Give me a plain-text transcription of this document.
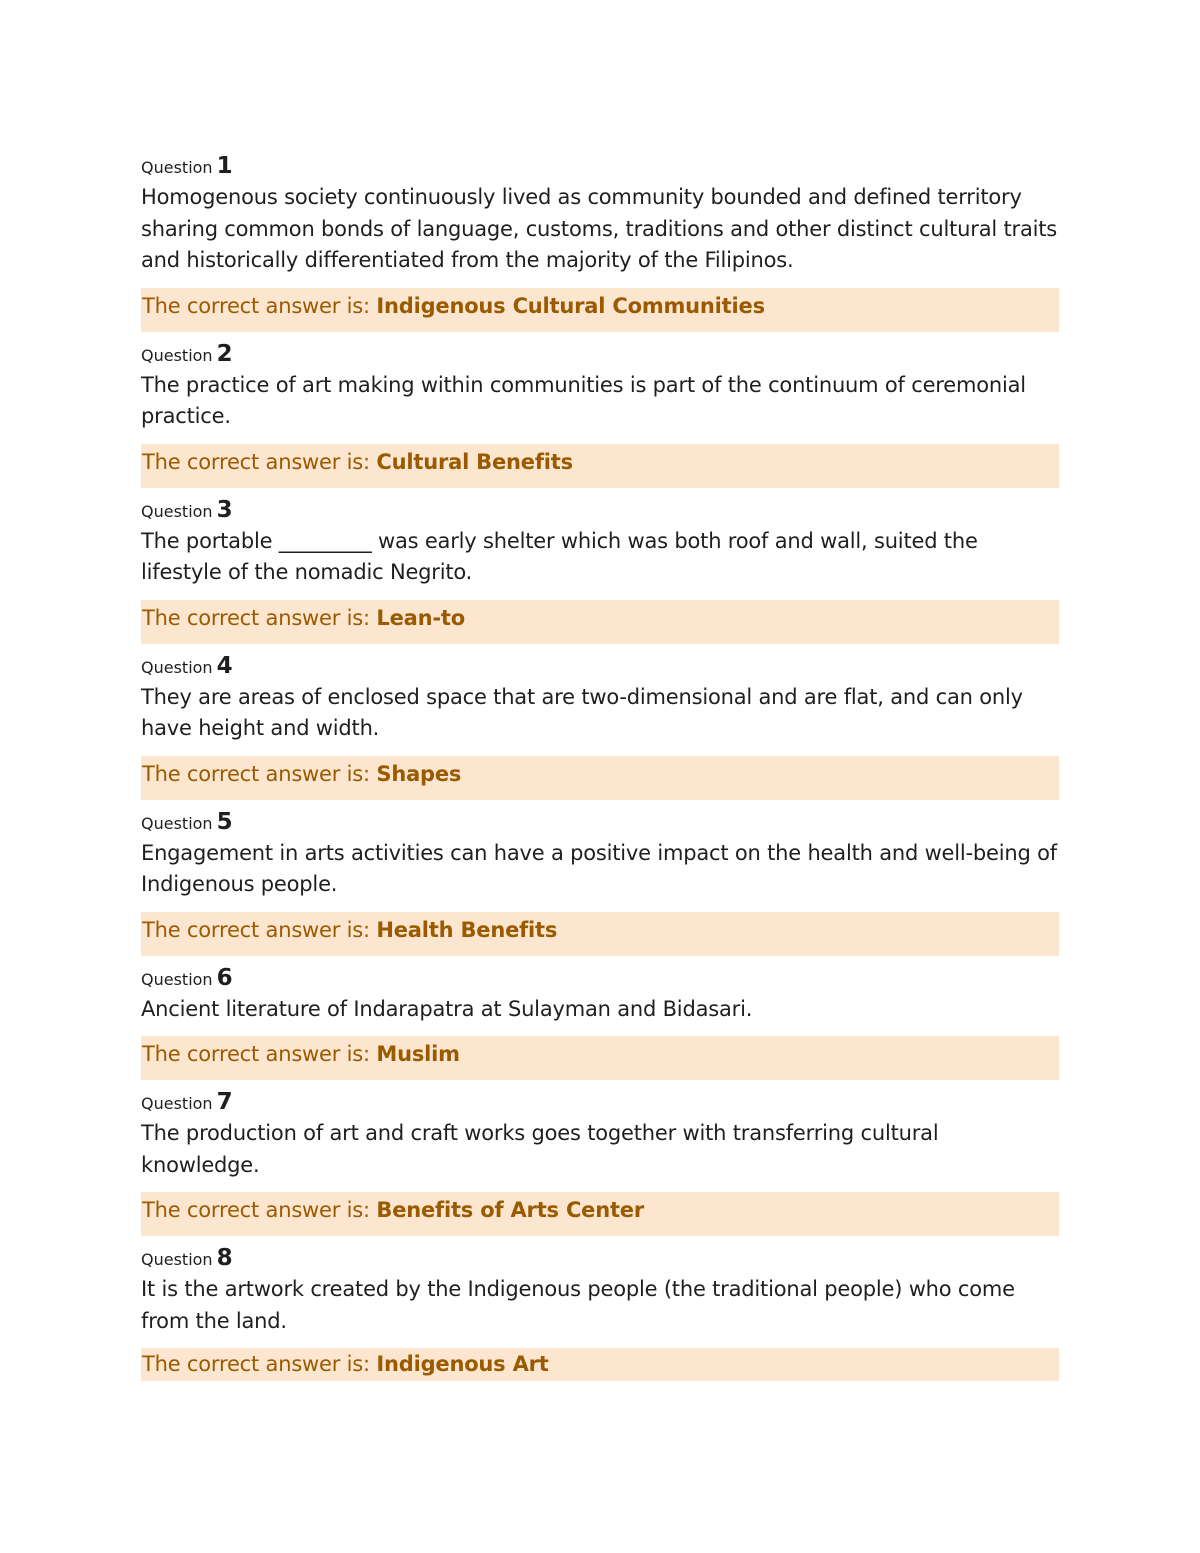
Question 1

Homogenous society continuously lived as community bounded and defined territory sharing common bonds of language, customs, traditions and other distinct cultural traits and historically differentiated from the majority of the Filipinos.

The correct answer is: Indigenous Cultural Communities
Question 2

The practice of art making within communities is part of the continuum of ceremonial practice.

The correct answer is: Cultural Benefits
Question 3

The portable _________ was early shelter which was both roof and wall, suited the lifestyle of the nomadic Negrito.

The correct answer is: Lean-to
Question 4

They are areas of enclosed space that are two-dimensional and are flat, and can only have height and width.

The correct answer is: Shapes
Question 5

Engagement in arts activities can have a positive impact on the health and well-being of Indigenous people.

The correct answer is: Health Benefits
Question 6

Ancient literature of Indarapatra at Sulayman and Bidasari.

The correct answer is: Muslim
Question 7

The production of art and craft works goes together with transferring cultural knowledge.

The correct answer is: Benefits of Arts Center
Question 8

It is the artwork created by the Indigenous people (the traditional people) who come from the land.

The correct answer is: Indigenous Art
